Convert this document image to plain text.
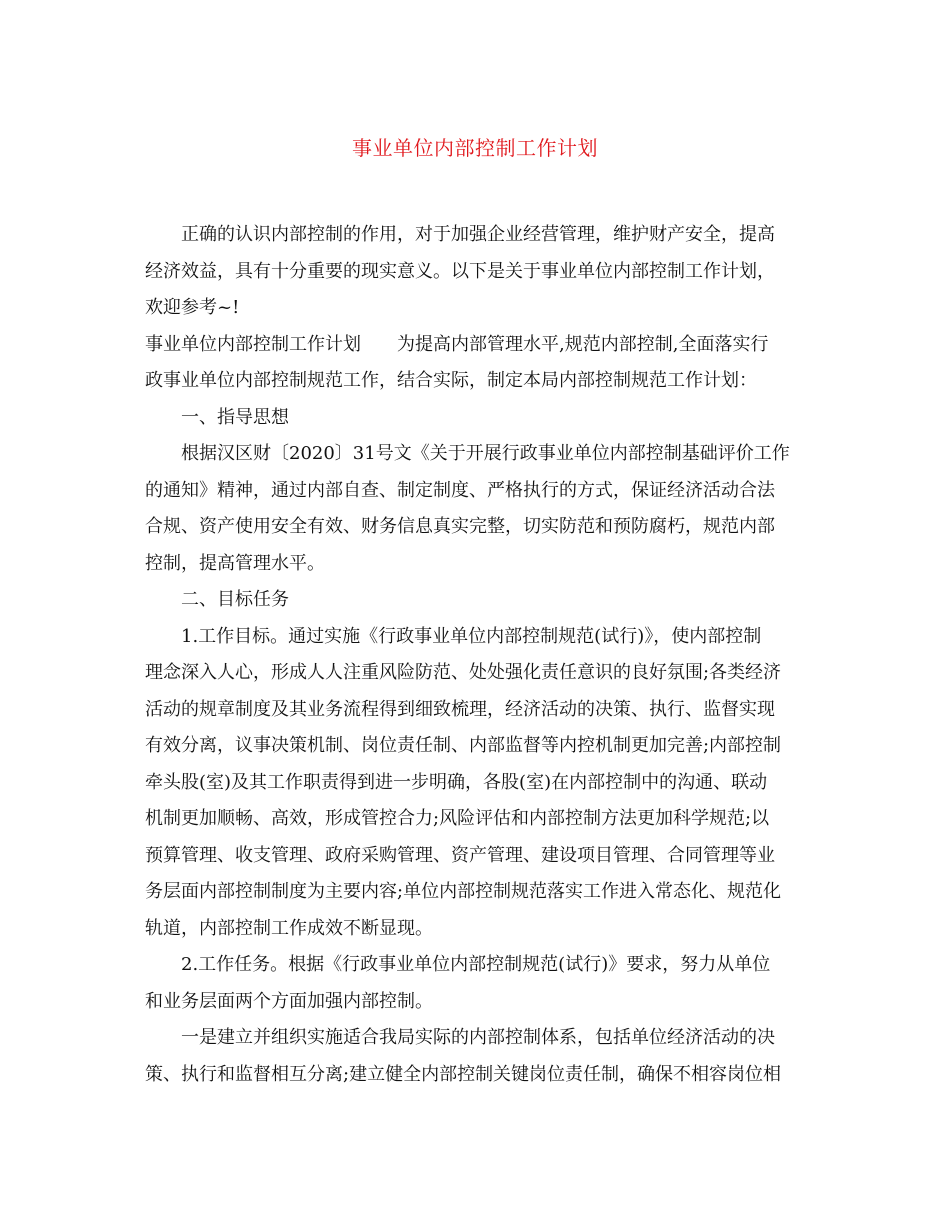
事业单位内部控制工作计划
正确的认识内部控制的作用，对于加强企业经营管理，维护财产安全，提高
经济效益，具有十分重要的现实意义。以下是关于事业单位内部控制工作计划，
欢迎参考~!
事业单位内部控制工作计划　　为提高内部管理水平,规范内部控制,全面落实行
政事业单位内部控制规范工作，结合实际，制定本局内部控制规范工作计划：
一、指导思想
根据汉区财〔2020〕31号文《关于开展行政事业单位内部控制基础评价工作
的通知》精神，通过内部自查、制定制度、严格执行的方式，保证经济活动合法
合规、资产使用安全有效、财务信息真实完整，切实防范和预防腐朽，规范内部
控制，提高管理水平。
二、目标任务
1.工作目标。通过实施《行政事业单位内部控制规范(试行)》，使内部控制
理念深入人心，形成人人注重风险防范、处处强化责任意识的良好氛围;各类经济
活动的规章制度及其业务流程得到细致梳理，经济活动的决策、执行、监督实现
有效分离，议事决策机制、岗位责任制、内部监督等内控机制更加完善;内部控制
牵头股(室)及其工作职责得到进一步明确，各股(室)在内部控制中的沟通、联动
机制更加顺畅、高效，形成管控合力;风险评估和内部控制方法更加科学规范;以
预算管理、收支管理、政府采购管理、资产管理、建设项目管理、合同管理等业
务层面内部控制制度为主要内容;单位内部控制规范落实工作进入常态化、规范化
轨道，内部控制工作成效不断显现。
2.工作任务。根据《行政事业单位内部控制规范(试行)》要求，努力从单位
和业务层面两个方面加强内部控制。
一是建立并组织实施适合我局实际的内部控制体系，包括单位经济活动的决
策、执行和监督相互分离;建立健全内部控制关键岗位责任制，确保不相容岗位相
